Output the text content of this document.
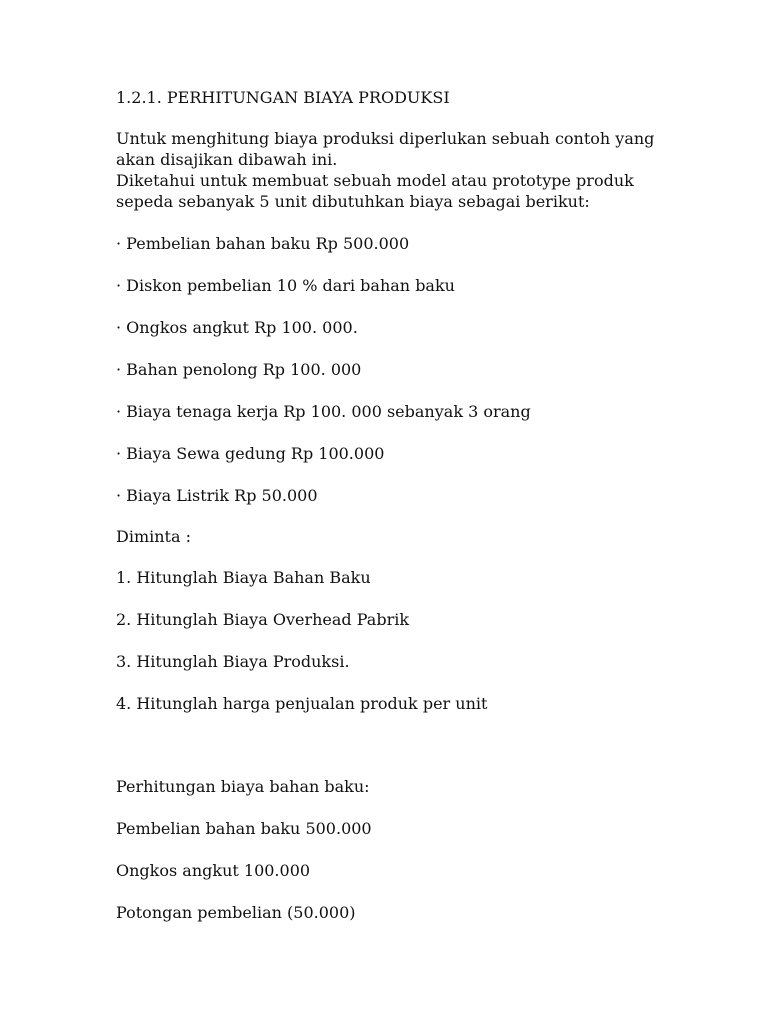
1.2.1. PERHITUNGAN BIAYA PRODUKSI
Untuk menghitung biaya produksi diperlukan sebuah contoh yang
akan disajikan dibawah ini.
Diketahui untuk membuat sebuah model atau prototype produk
sepeda sebanyak 5 unit dibutuhkan biaya sebagai berikut:
· Pembelian bahan baku Rp 500.000
· Diskon pembelian 10 % dari bahan baku
· Ongkos angkut Rp 100. 000.
· Bahan penolong Rp 100. 000
· Biaya tenaga kerja Rp 100. 000 sebanyak 3 orang
· Biaya Sewa gedung Rp 100.000
· Biaya Listrik Rp 50.000
Diminta :
1. Hitunglah Biaya Bahan Baku
2. Hitunglah Biaya Overhead Pabrik
3. Hitunglah Biaya Produksi.
4. Hitunglah harga penjualan produk per unit
Perhitungan biaya bahan baku:
Pembelian bahan baku 500.000
Ongkos angkut 100.000
Potongan pembelian (50.000)
